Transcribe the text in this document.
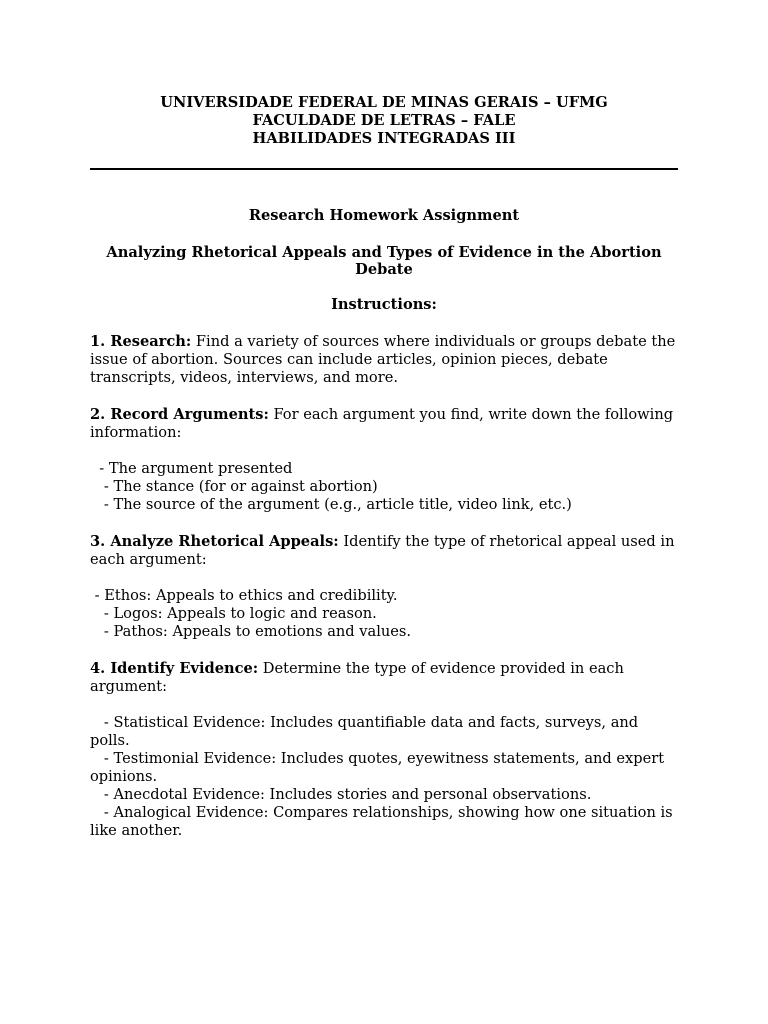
UNIVERSIDADE FEDERAL DE MINAS GERAIS – UFMG

FACULDADE DE LETRAS – FALE

HABILIDADES INTEGRADAS III

Research Homework Assignment

Analyzing Rhetorical Appeals and Types of Evidence in the Abortion Debate

Instructions:

1. Research: Find a variety of sources where individuals or groups debate the issue of abortion. Sources can include articles, opinion pieces, debate transcripts, videos, interviews, and more.

2. Record Arguments: For each argument you find, write down the following information:

- The argument presented
- The stance (for or against abortion)
- The source of the argument (e.g., article title, video link, etc.)

3. Analyze Rhetorical Appeals: Identify the type of rhetorical appeal used in each argument:

- Ethos: Appeals to ethics and credibility.
- Logos: Appeals to logic and reason.
- Pathos: Appeals to emotions and values.

4. Identify Evidence: Determine the type of evidence provided in each argument:

- Statistical Evidence: Includes quantifiable data and facts, surveys, and polls.
- Testimonial Evidence: Includes quotes, eyewitness statements, and expert opinions.
- Anecdotal Evidence: Includes stories and personal observations.
- Analogical Evidence: Compares relationships, showing how one situation is like another.
